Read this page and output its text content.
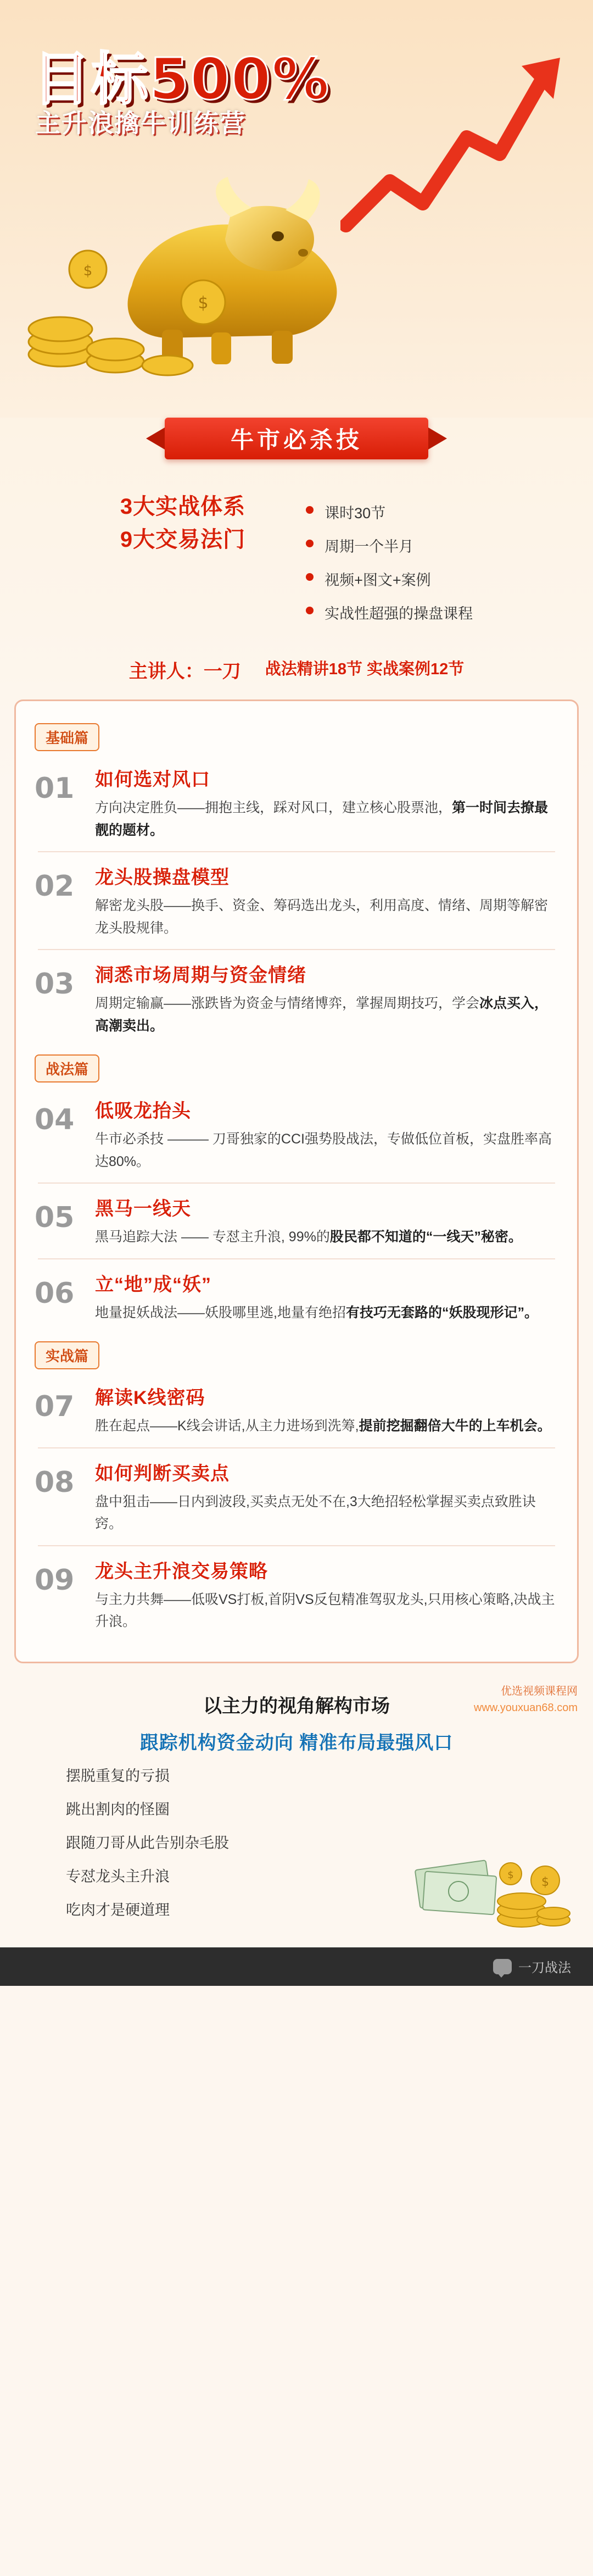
目标500%
主升浪擒牛训练营
$
$
牛市必杀技
3大实战体系
9大交易法门
课时30节
周期一个半月
视频+图文+案例
实战性超强的操盘课程
主讲人：一刀 战法精讲18节 实战案例12节
基础篇
01	如何选对风口
方向决定胜负——拥抱主线，踩对风口，建立核心股票池，第一时间去撩最靓的题材。
02	龙头股操盘模型
解密龙头股——换手、资金、筹码选出龙头，利用高度、情绪、周期等解密龙头股规律。
03	洞悉市场周期与资金情绪
周期定输赢——涨跌皆为资金与情绪博弈，掌握周期技巧，学会冰点买入，高潮卖出。
战法篇
04	低吸龙抬头
牛市必杀技 ——— 刀哥独家的CCI强势股战法，专做低位首板，实盘胜率高达80%。
05	黑马一线天
黑马追踪大法 —— 专怼主升浪, 99%的股民都不知道的“一线天”秘密。
06	立“地”成“妖”
地量捉妖战法——妖股哪里逃,地量有绝招有技巧无套路的“妖股现形记”。
实战篇
07	解读K线密码
胜在起点——K线会讲话,从主力进场到洗筹,提前挖掘翻倍大牛的上车机会。
08	如何判断买卖点
盘中狙击——日内到波段,买卖点无处不在,3大绝招轻松掌握买卖点致胜诀窍。
09	龙头主升浪交易策略
与主力共舞——低吸VS打板,首阴VS反包精准驾驭龙头,只用核心策略,决战主升浪。
以主力的视角解构市场
跟踪机构资金动向 精准布局最强风口
摆脱重复的亏损
跳出割肉的怪圈
跟随刀哥从此告别杂毛股
专怼龙头主升浪
吃肉才是硬道理
$
$
优选视频课程网
www.youxuan68.com
一刀战法
